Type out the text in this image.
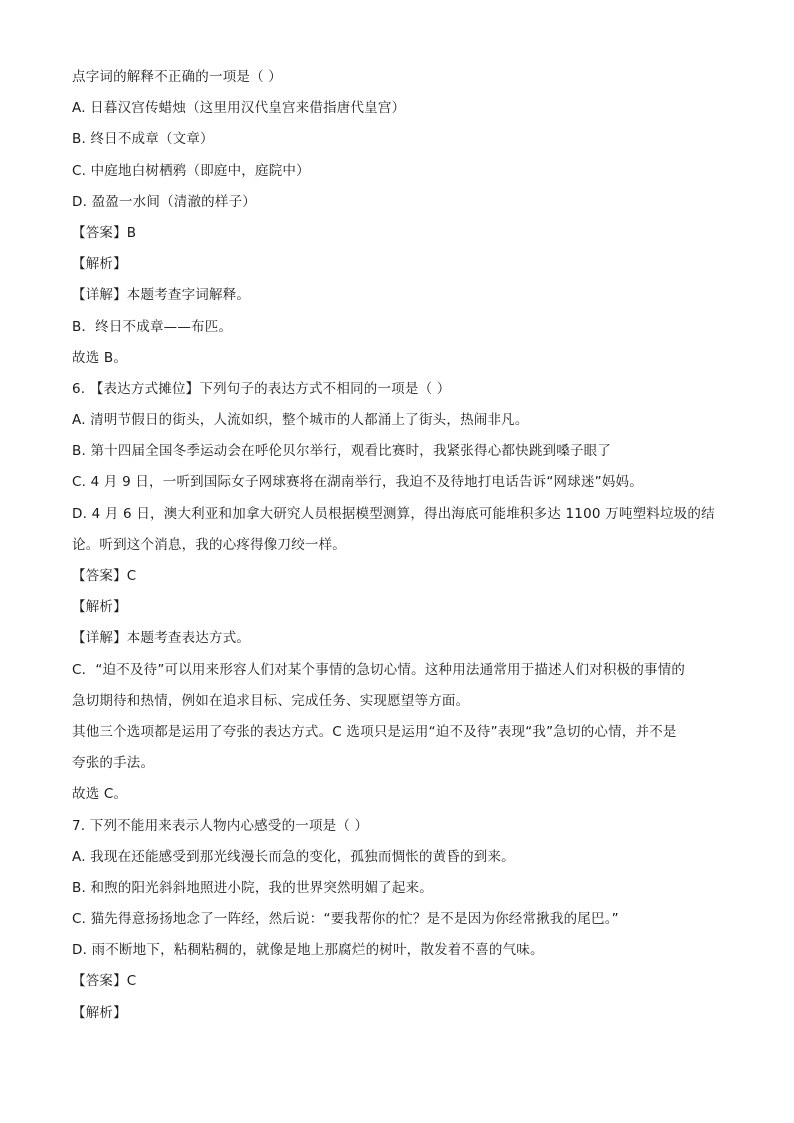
点字词的解释不正确的一项是（ ）
A. 日暮汉宫传蜡烛（这里用汉代皇宫来借指唐代皇宫）
B. 终日不成章（文章）
C. 中庭地白树栖鸦（即庭中，庭院中）
D. 盈盈一水间（清澈的样子）
【答案】B
【解析】
【详解】本题考查字词解释。
B．终日不成章——布匹。
故选 B。
6. 【表达方式摊位】下列句子的表达方式不相同的一项是（ ）
A. 清明节假日的街头，人流如织，整个城市的人都涌上了街头，热闹非凡。
B. 第十四届全国冬季运动会在呼伦贝尔举行，观看比赛时，我紧张得心都快跳到嗓子眼了
C. 4 月 9 日，一听到国际女子网球赛将在湖南举行，我迫不及待地打电话告诉“网球迷”妈妈。
D. 4 月 6 日，澳大利亚和加拿大研究人员根据模型测算，得出海底可能堆积多达 1100 万吨塑料垃圾的结
论。听到这个消息，我的心疼得像刀绞一样。
【答案】C
【解析】
【详解】本题考查表达方式。
C．“迫不及待”可以用来形容人们对某个事情的急切心情。这种用法通常用于描述人们对积极的事情的
急切期待和热情，例如在追求目标、完成任务、实现愿望等方面。
其他三个选项都是运用了夸张的表达方式。C 选项只是运用“迫不及待”表现“我”急切的心情，并不是
夸张的手法。
故选 C。
7. 下列不能用来表示人物内心感受的一项是（ ）
A. 我现在还能感受到那光线漫长而急的变化，孤独而惆怅的黄昏的到来。
B. 和煦的阳光斜斜地照进小院，我的世界突然明媚了起来。
C. 猫先得意扬扬地念了一阵经，然后说：“要我帮你的忙？是不是因为你经常揪我的尾巴。”
D. 雨不断地下，粘稠粘稠的，就像是地上那腐烂的树叶，散发着不喜的气味。
【答案】C
【解析】
